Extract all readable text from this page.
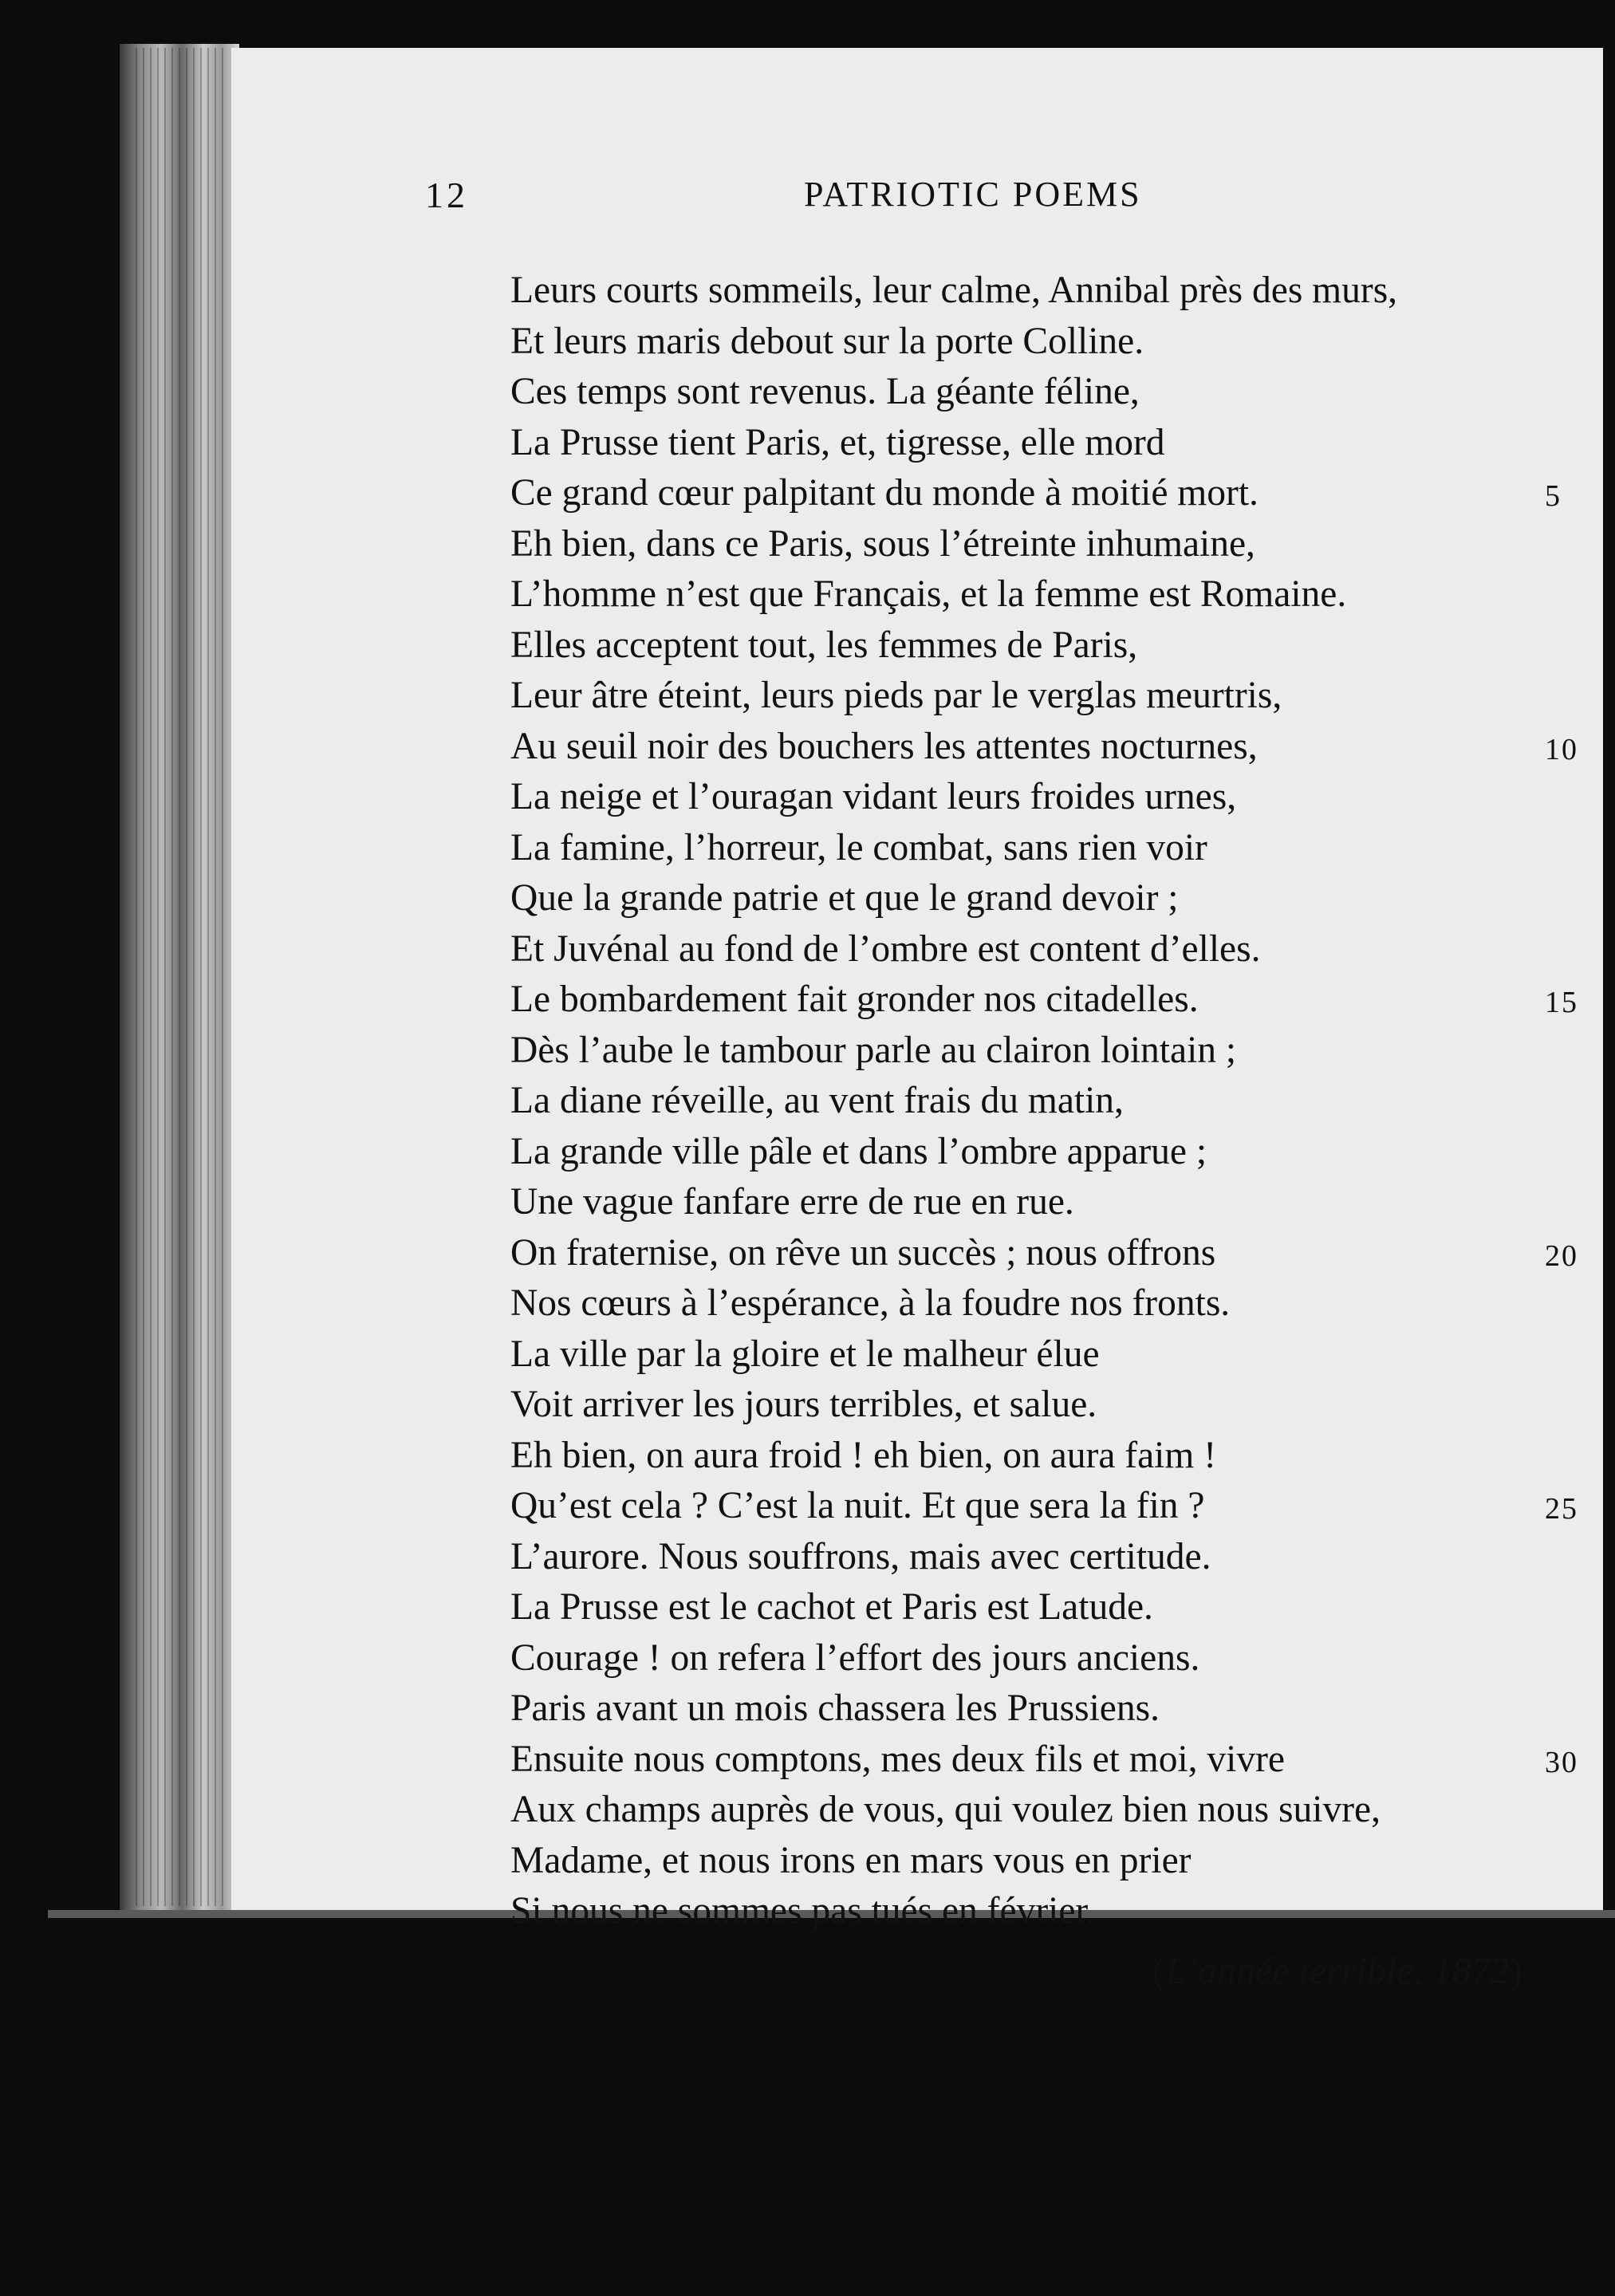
12	PATRIOTIC POEMS
Leurs courts sommeils, leur calme, Annibal près des murs,
Et leurs maris debout sur la porte Colline.
Ces temps sont revenus. La géante féline,
La Prusse tient Paris, et, tigresse, elle mord
Ce grand cœur palpitant du monde à moitié mort.	5
Eh bien, dans ce Paris, sous l’étreinte inhumaine,
L’homme n’est que Français, et la femme est Romaine.
Elles acceptent tout, les femmes de Paris,
Leur âtre éteint, leurs pieds par le verglas meurtris,
Au seuil noir des bouchers les attentes nocturnes,	10
La neige et l’ouragan vidant leurs froides urnes,
La famine, l’horreur, le combat, sans rien voir
Que la grande patrie et que le grand devoir ;
Et Juvénal au fond de l’ombre est content d’elles.
Le bombardement fait gronder nos citadelles.	15
Dès l’aube le tambour parle au clairon lointain ;
La diane réveille, au vent frais du matin,
La grande ville pâle et dans l’ombre apparue ;
Une vague fanfare erre de rue en rue.
On fraternise, on rêve un succès ; nous offrons	20
Nos cœurs à l’espérance, à la foudre nos fronts.
La ville par la gloire et le malheur élue
Voit arriver les jours terribles, et salue.
Eh bien, on aura froid ! eh bien, on aura faim !
Qu’est cela ? C’est la nuit. Et que sera la fin ?	25
L’aurore. Nous souffrons, mais avec certitude.
La Prusse est le cachot et Paris est Latude.
Courage ! on refera l’effort des jours anciens.
Paris avant un mois chassera les Prussiens.
Ensuite nous comptons, mes deux fils et moi, vivre	30
Aux champs auprès de vous, qui voulez bien nous suivre,
Madame, et nous irons en mars vous en prier
Si nous ne sommes pas tués en février.
(L’année terrible, 1872)
